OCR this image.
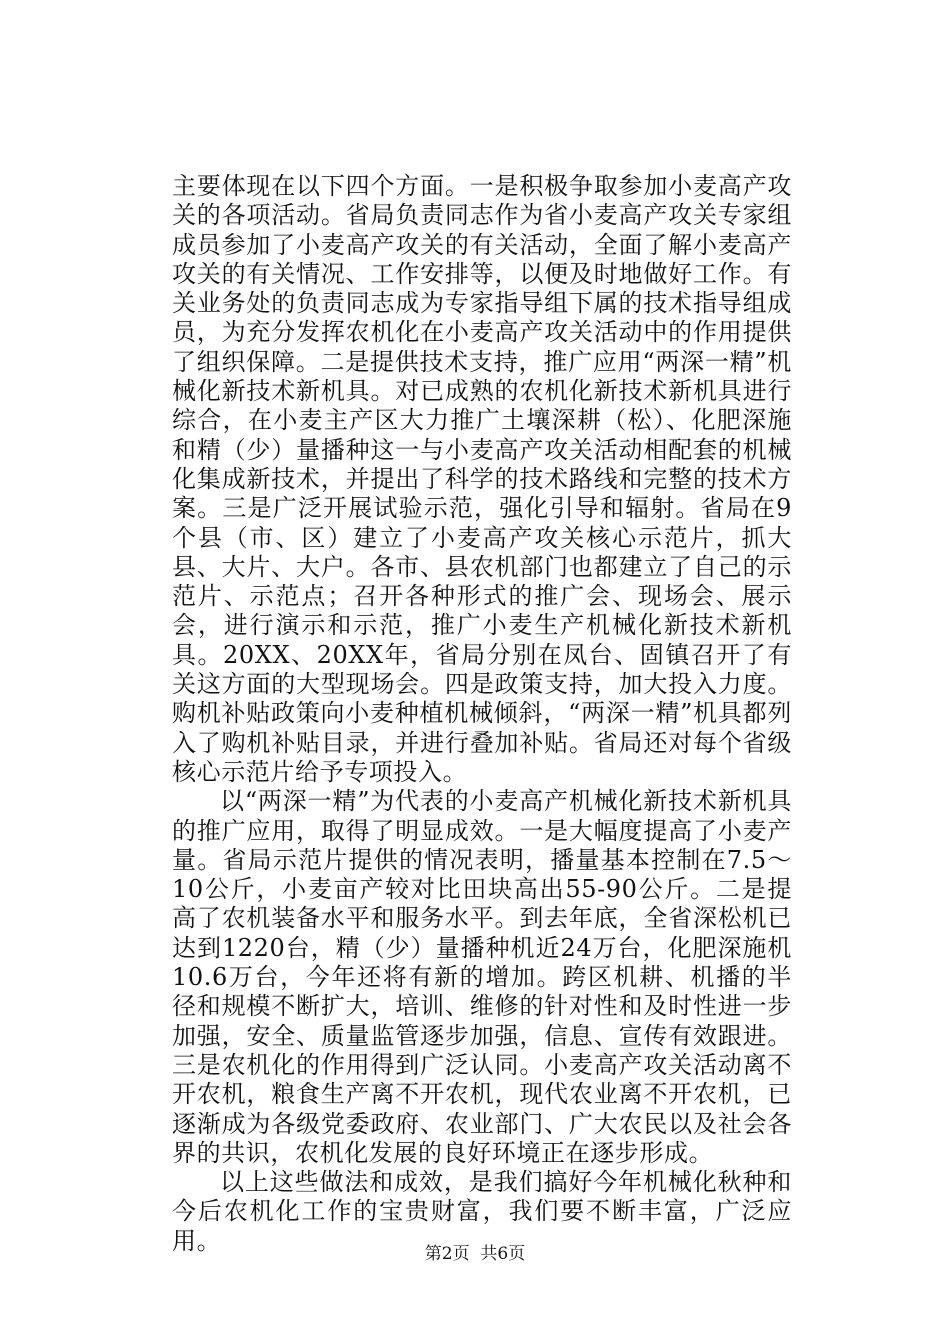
主要体现在以下四个方面。一是积极争取参加小麦高产攻关的各项活动。省局负责同志作为省小麦高产攻关专家组成员参加了小麦高产攻关的有关活动，全面了解小麦高产攻关的有关情况、工作安排等，以便及时地做好工作。有关业务处的负责同志成为专家指导组下属的技术指导组成员，为充分发挥农机化在小麦高产攻关活动中的作用提供了组织保障。二是提供技术支持，推广应用“两深一精”机械化新技术新机具。对已成熟的农机化新技术新机具进行综合，在小麦主产区大力推广土壤深耕（松）、化肥深施和精（少）量播种这一与小麦高产攻关活动相配套的机械化集成新技术，并提出了科学的技术路线和完整的技术方案。三是广泛开展试验示范，强化引导和辐射。省局在9个县（市、区）建立了小麦高产攻关核心示范片，抓大县、大片、大户。各市、县农机部门也都建立了自己的示范片、示范点；召开各种形式的推广会、现场会、展示会，进行演示和示范，推广小麦生产机械化新技术新机具。20XX、20XX年，省局分别在凤台、固镇召开了有关这方面的大型现场会。四是政策支持，加大投入力度。购机补贴政策向小麦种植机械倾斜，“两深一精”机具都列入了购机补贴目录，并进行叠加补贴。省局还对每个省级核心示范片给予专项投入。

以“两深一精”为代表的小麦高产机械化新技术新机具的推广应用，取得了明显成效。一是大幅度提高了小麦产量。省局示范片提供的情况表明，播量基本控制在7.5～10公斤，小麦亩产较对比田块高出55-90公斤。二是提高了农机装备水平和服务水平。到去年底，全省深松机已达到1220台，精（少）量播种机近24万台，化肥深施机10.6万台，今年还将有新的增加。跨区机耕、机播的半径和规模不断扩大，培训、维修的针对性和及时性进一步加强，安全、质量监管逐步加强，信息、宣传有效跟进。三是农机化的作用得到广泛认同。小麦高产攻关活动离不开农机，粮食生产离不开农机，现代农业离不开农机，已逐渐成为各级党委政府、农业部门、广大农民以及社会各界的共识，农机化发展的良好环境正在逐步形成。

以上这些做法和成效，是我们搞好今年机械化秋种和今后农机化工作的宝贵财富，我们要不断丰富，广泛应用。	第2页 共6页
